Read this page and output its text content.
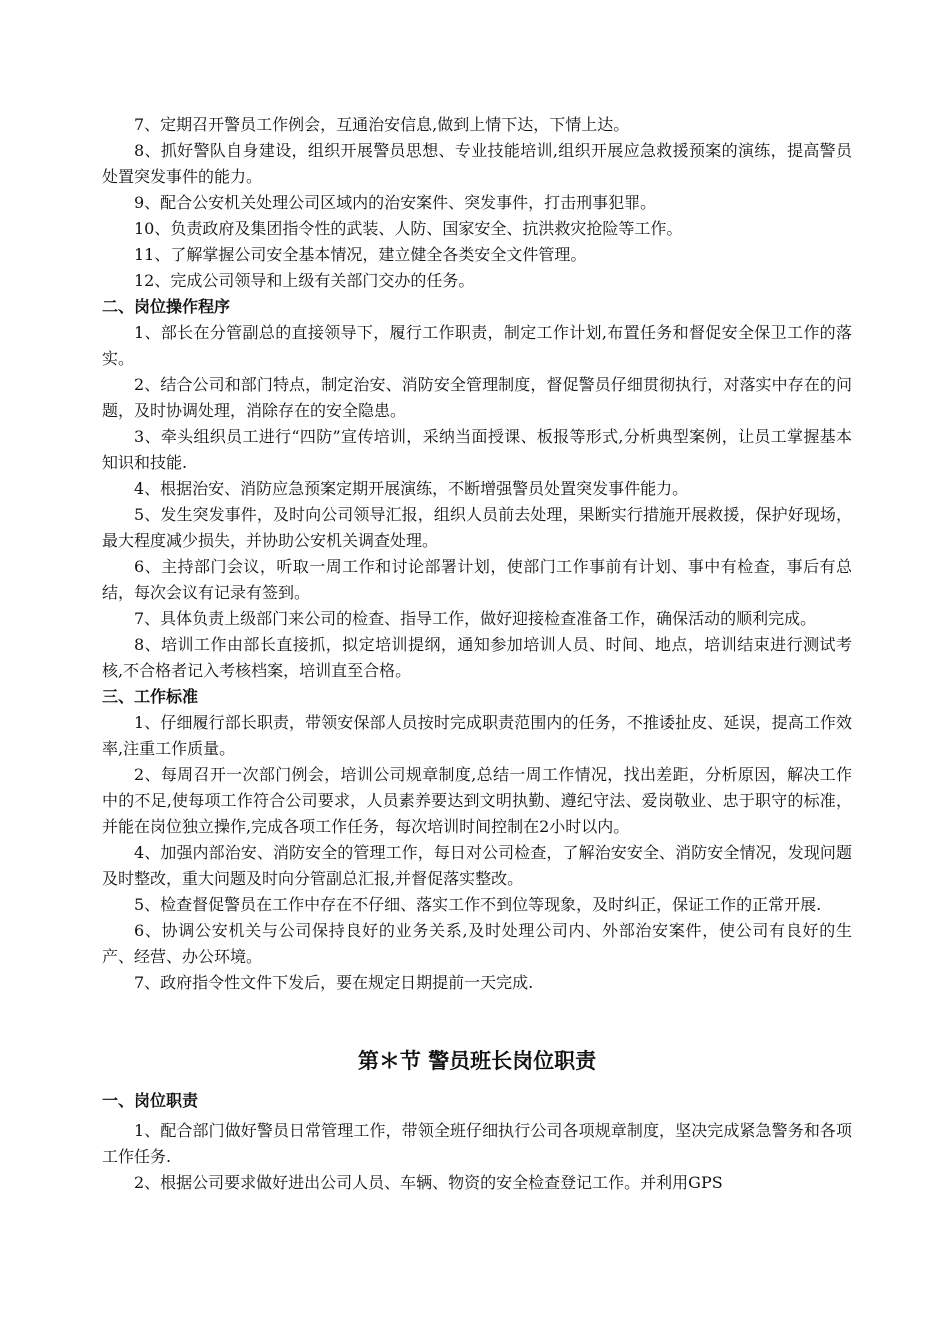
7、定期召开警员工作例会，互通治安信息,做到上情下达，下情上达。

8、抓好警队自身建设，组织开展警员思想、专业技能培训,组织开展应急救援预案的演练，提高警员处置突发事件的能力。

9、配合公安机关处理公司区域内的治安案件、突发事件，打击刑事犯罪。

10、负责政府及集团指令性的武装、人防、国家安全、抗洪救灾抢险等工作。

11、了解掌握公司安全基本情况，建立健全各类安全文件管理。

12、完成公司领导和上级有关部门交办的任务。

二、岗位操作程序

1、部长在分管副总的直接领导下，履行工作职责，制定工作计划,布置任务和督促安全保卫工作的落实。

2、结合公司和部门特点，制定治安、消防安全管理制度，督促警员仔细贯彻执行，对落实中存在的问题，及时协调处理，消除存在的安全隐患。

3、牵头组织员工进行“四防”宣传培训，采纳当面授课、板报等形式,分析典型案例，让员工掌握基本知识和技能.

4、根据治安、消防应急预案定期开展演练，不断增强警员处置突发事件能力。

5、发生突发事件，及时向公司领导汇报，组织人员前去处理，果断实行措施开展救援，保护好现场，最大程度减少损失，并协助公安机关调查处理。

6、主持部门会议，听取一周工作和讨论部署计划，使部门工作事前有计划、事中有检查，事后有总结，每次会议有记录有签到。

7、具体负责上级部门来公司的检查、指导工作，做好迎接检查准备工作，确保活动的顺利完成。

8、培训工作由部长直接抓，拟定培训提纲，通知参加培训人员、时间、地点，培训结束进行测试考核,不合格者记入考核档案，培训直至合格。

三、工作标准

1、仔细履行部长职责，带领安保部人员按时完成职责范围内的任务，不推诿扯皮、延误，提高工作效率,注重工作质量。

2、每周召开一次部门例会，培训公司规章制度,总结一周工作情况，找出差距，分析原因，解决工作中的不足,使每项工作符合公司要求，人员素养要达到文明执勤、遵纪守法、爱岗敬业、忠于职守的标准，并能在岗位独立操作,完成各项工作任务，每次培训时间控制在2小时以内。

4、加强内部治安、消防安全的管理工作，每日对公司检查，了解治安安全、消防安全情况，发现问题及时整改，重大问题及时向分管副总汇报,并督促落实整改。

5、检查督促警员在工作中存在不仔细、落实工作不到位等现象，及时纠正，保证工作的正常开展.

6、协调公安机关与公司保持良好的业务关系,及时处理公司内、外部治安案件，使公司有良好的生产、经营、办公环境。

7、政府指令性文件下发后，要在规定日期提前一天完成.

第＊节 警员班长岗位职责

一、岗位职责

1、配合部门做好警员日常管理工作，带领全班仔细执行公司各项规章制度，坚决完成紧急警务和各项工作任务.

2、根据公司要求做好进出公司人员、车辆、物资的安全检查登记工作。并利用GPS
